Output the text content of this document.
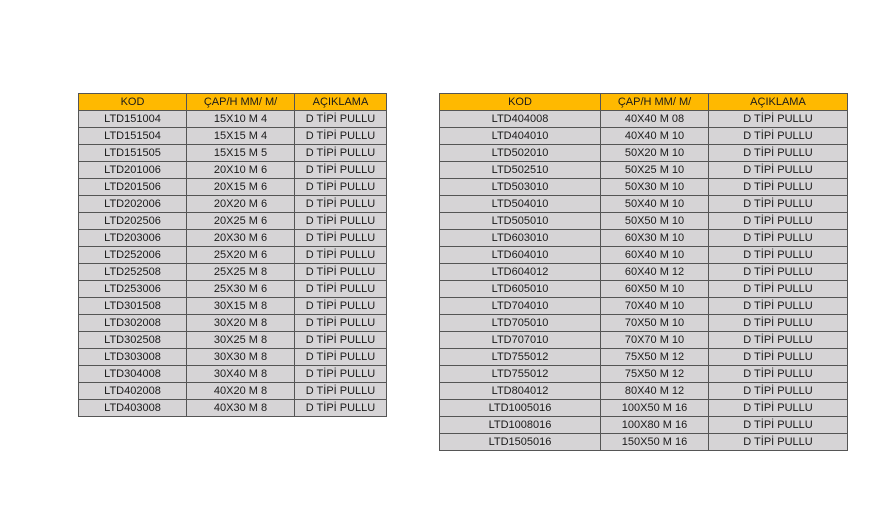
KOD	ÇAP/H MM/ M/	AÇIKLAMA
LTD151004	15X10 M 4	D TİPİ PULLU
LTD151504	15X15 M 4	D TİPİ PULLU
LTD151505	15X15 M 5	D TİPİ PULLU
LTD201006	20X10 M 6	D TİPİ PULLU
LTD201506	20X15 M 6	D TİPİ PULLU
LTD202006	20X20 M 6	D TİPİ PULLU
LTD202506	20X25 M 6	D TİPİ PULLU
LTD203006	20X30 M 6	D TİPİ PULLU
LTD252006	25X20 M 6	D TİPİ PULLU
LTD252508	25X25 M 8	D TİPİ PULLU
LTD253006	25X30 M 6	D TİPİ PULLU
LTD301508	30X15 M 8	D TİPİ PULLU
LTD302008	30X20 M 8	D TİPİ PULLU
LTD302508	30X25 M 8	D TİPİ PULLU
LTD303008	30X30 M 8	D TİPİ PULLU
LTD304008	30X40 M 8	D TİPİ PULLU
LTD402008	40X20 M 8	D TİPİ PULLU
LTD403008	40X30 M 8	D TİPİ PULLU
KOD	ÇAP/H MM/ M/	AÇIKLAMA
LTD404008	40X40 M 08	D TİPİ PULLU
LTD404010	40X40 M 10	D TİPİ PULLU
LTD502010	50X20 M 10	D TİPİ PULLU
LTD502510	50X25 M 10	D TİPİ PULLU
LTD503010	50X30 M 10	D TİPİ PULLU
LTD504010	50X40 M 10	D TİPİ PULLU
LTD505010	50X50 M 10	D TİPİ PULLU
LTD603010	60X30 M 10	D TİPİ PULLU
LTD604010	60X40 M 10	D TİPİ PULLU
LTD604012	60X40 M 12	D TİPİ PULLU
LTD605010	60X50 M 10	D TİPİ PULLU
LTD704010	70X40 M 10	D TİPİ PULLU
LTD705010	70X50 M 10	D TİPİ PULLU
LTD707010	70X70 M 10	D TİPİ PULLU
LTD755012	75X50 M 12	D TİPİ PULLU
LTD755012	75X50 M 12	D TİPİ PULLU
LTD804012	80X40 M 12	D TİPİ PULLU
LTD1005016	100X50 M 16	D TİPİ PULLU
LTD1008016	100X80 M 16	D TİPİ PULLU
LTD1505016	150X50 M 16	D TİPİ PULLU
